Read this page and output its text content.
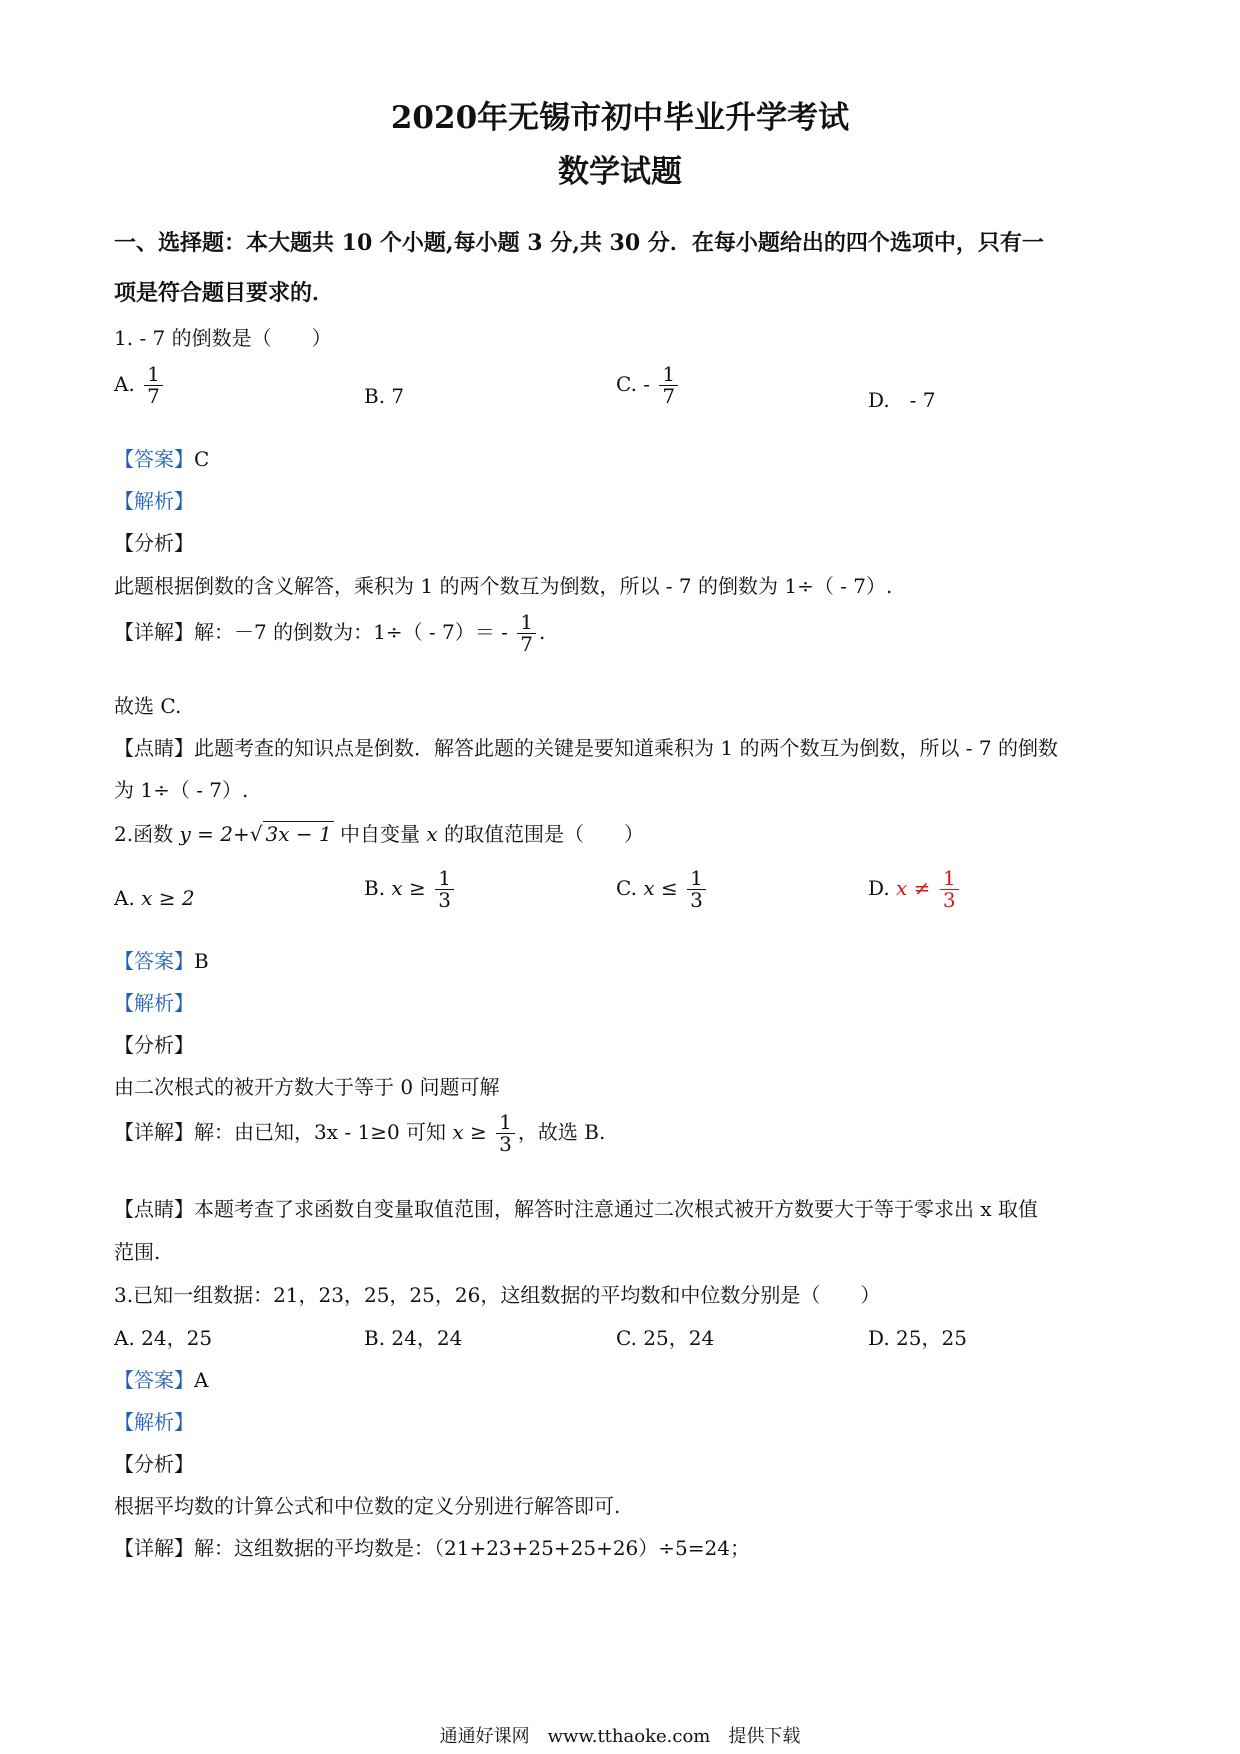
2020年无锡市初中毕业升学考试
数学试题
一、选择题：本大题共 10 个小题,每小题 3 分,共 30 分．在每小题给出的四个选项中，只有一
项是符合题目要求的．
1. - 7 的倒数是（　　）
A. $\frac{1}{7}$	B. 7	C. - $\frac{1}{7}$	D.　- 7
【答案】C
【解析】
【分析】
此题根据倒数的含义解答，乘积为 1 的两个数互为倒数，所以 - 7 的倒数为 1÷（ - 7）.
【详解】解：－7 的倒数为：$1\div( - 7)= - \frac{1}{7}$ .
故选 C.
【点睛】此题考查的知识点是倒数．解答此题的关键是要知道乘积为 1 的两个数互为倒数，所以 - 7 的倒数
为 1÷（ - 7）.
2.函数 y = 2+√ 3x − 1 中自变量 x 的取值范围是（　　）
A. x ≥ 2	B. $x \ge \frac{1}{3}$	C. $x \le \frac{1}{3}$	D. $x \ne \frac{1}{3}$
【答案】B
【解析】
【分析】
由二次根式的被开方数大于等于 0 问题可解
【详解】解：由已知，3x - 1≥0 可知 $x \ge \frac{1}{3}$ ，故选 B.
【点睛】本题考查了求函数自变量取值范围，解答时注意通过二次根式被开方数要大于等于零求出 x 取值
范围.
3.已知一组数据：21，23，25，25，26，这组数据的平均数和中位数分别是（　　）
A. 24，25	B. 24，24	C. 25，24	D. 25，25
【答案】A
【解析】
【分析】
根据平均数的计算公式和中位数的定义分别进行解答即可.
【详解】解：这组数据的平均数是：（21+23+25+25+26）÷5=24；
通通好课网　www.tthaoke.com　提供下载
